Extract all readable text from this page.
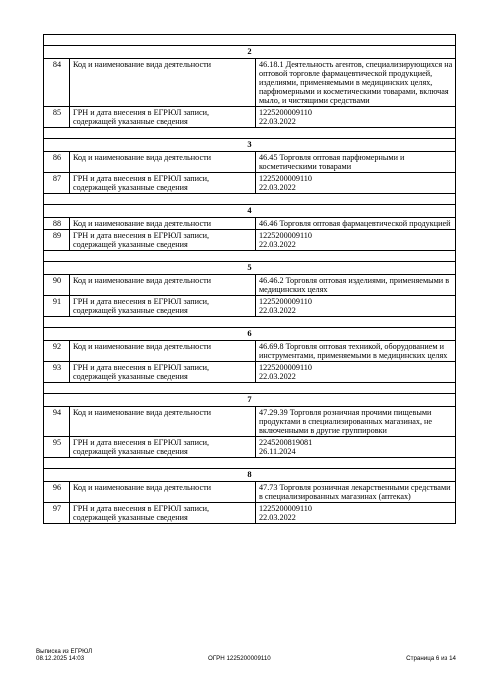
2		
84	Код и наименование вида деятельности	46.18.1 Деятельность агентов, специализирующихся на оптовой торговле фармацевтической продукцией, изделиями, применяемыми в медицинских целях, парфюмерными и косметическими товарами, включая мыло, и чистящими средствами

85	ГРН и дата внесения в ЕГРЮЛ записи, содержащей указанные сведения	1225200009110
22.03.2022

3		
86	Код и наименование вида деятельности	46.45 Торговля оптовая парфюмерными и косметическими товарами

87	ГРН и дата внесения в ЕГРЮЛ записи, содержащей указанные сведения	1225200009110
22.03.2022

4		
88	Код и наименование вида деятельности	46.46 Торговля оптовая фармацевтической продукцией

89	ГРН и дата внесения в ЕГРЮЛ записи, содержащей указанные сведения	1225200009110
22.03.2022

5		
90	Код и наименование вида деятельности	46.46.2 Торговля оптовая изделиями, применяемыми в медицинских целях

91	ГРН и дата внесения в ЕГРЮЛ записи, содержащей указанные сведения	1225200009110
22.03.2022

6		
92	Код и наименование вида деятельности	46.69.8 Торговля оптовая техникой, оборудованием и инструментами, применяемыми в медицинских целях

93	ГРН и дата внесения в ЕГРЮЛ записи, содержащей указанные сведения	1225200009110
22.03.2022

7		
94	Код и наименование вида деятельности	47.29.39 Торговля розничная прочими пищевыми продуктами в специализированных магазинах, не включенными в другие группировки

95	ГРН и дата внесения в ЕГРЮЛ записи, содержащей указанные сведения	2245200819081
26.11.2024

8		
96	Код и наименование вида деятельности	47.73 Торговля розничная лекарственными средствами в специализированных магазинах (аптеках)

97	ГРН и дата внесения в ЕГРЮЛ записи, содержащей указанные сведения	1225200009110
22.03.2022
Выписка из ЕГРЮЛ
08.12.2025 14:03	ОГРН 1225200009110	Страница 6 из 14
